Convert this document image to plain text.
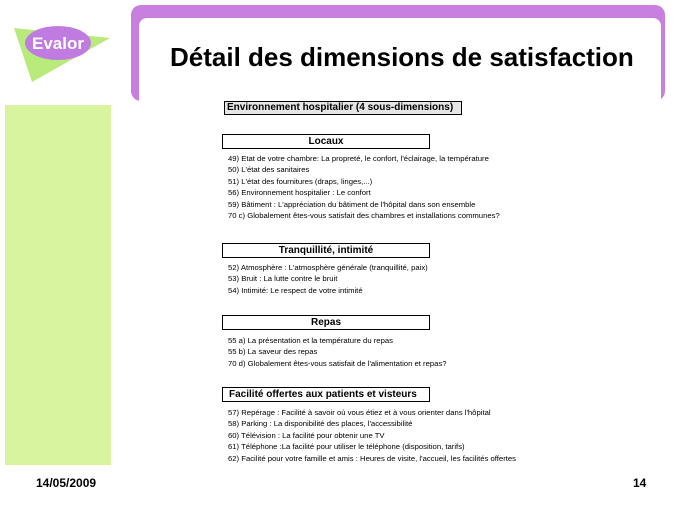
Evalor	Détail des dimensions de satisfaction
Environnement hospitalier (4 sous-dimensions)
Locaux
49) Etat de votre chambre: La propreté, le confort, l'éclairage, la température
50) L'état des sanitaires
51) L'état des fournitures (draps, linges,...)
56) Environnement hospitalier : Le confort
59) Bâtiment : L'appréciation du bâtiment de l'hôpital dans son ensemble
70 c) Globalement êtes-vous satisfait des chambres et installations communes?
Tranquillité, intimité
52) Atmosphère : L'atmosphère générale (tranquillité, paix)
53) Bruit : La lutte contre le bruit
54) Intimité: Le respect de votre intimité
Repas
55 a) La présentation et la température du repas
55 b) La saveur des repas
70 d) Globalement êtes-vous satisfait de l'alimentation et repas?
Facilité offertes aux patients et visteurs
57) Repérage : Facilité à savoir où vous étiez et à vous orienter dans l'hôpital
58) Parking : La disponibilité des places, l'accessibilité
60) Télévision : La facilité pour obtenir une TV
61) Téléphone :La facilité pour utiliser le téléphone (disposition, tarifs)
62) Facilité pour votre famille et amis : Heures de visite, l'accueil, les facilités offertes
14/05/2009	14
